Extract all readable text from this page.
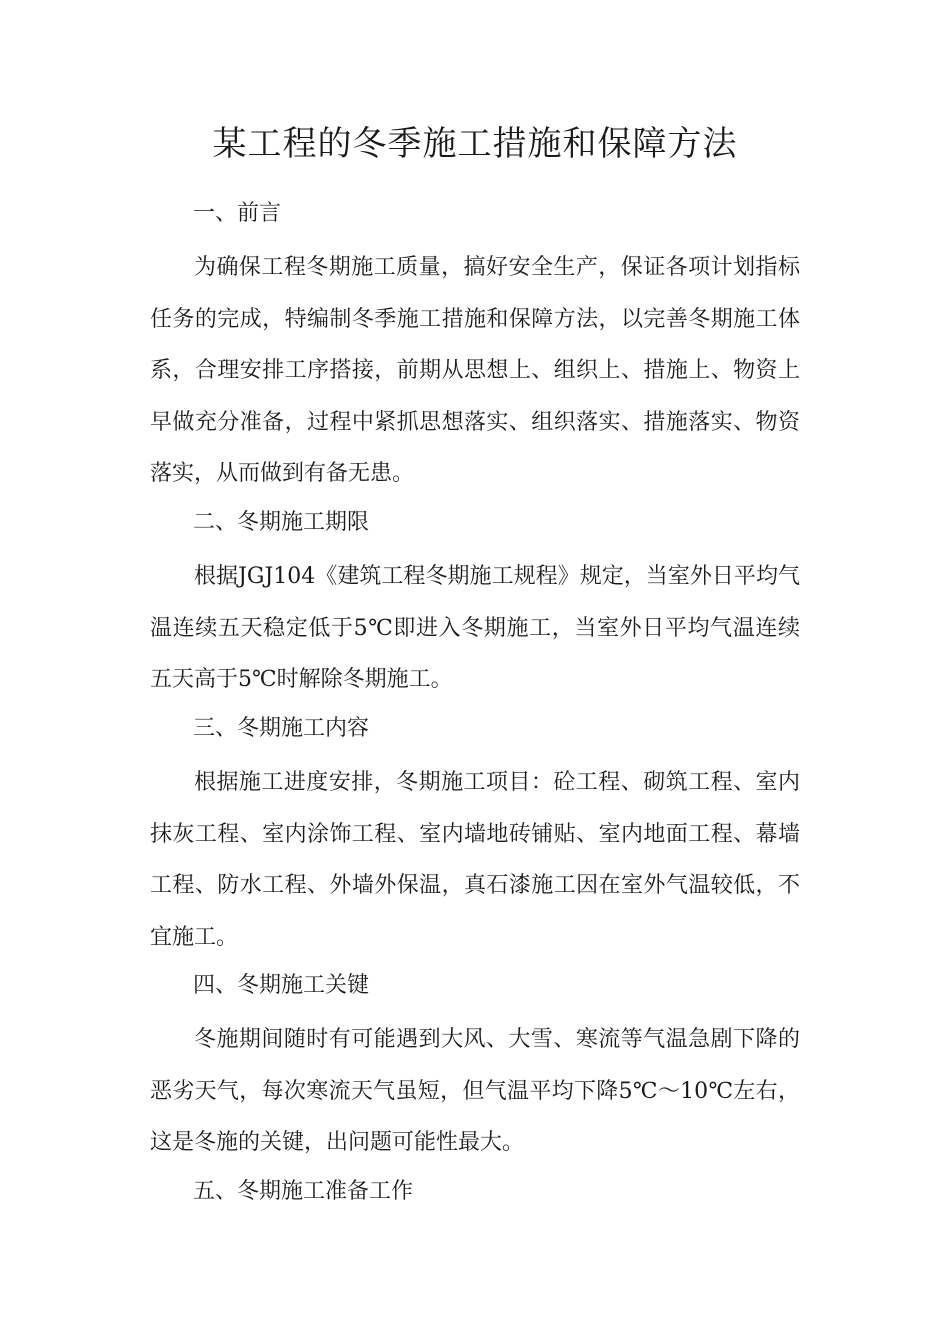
某工程的冬季施工措施和保障方法
一、前言

为确保工程冬期施工质量，搞好安全生产，保证各项计划指标任务的完成，特编制冬季施工措施和保障方法，以完善冬期施工体系，合理安排工序搭接，前期从思想上、组织上、措施上、物资上早做充分准备，过程中紧抓思想落实、组织落实、措施落实、物资落实，从而做到有备无患。

二、冬期施工期限

根据JGJ104《建筑工程冬期施工规程》规定，当室外日平均气温连续五天稳定低于5℃即进入冬期施工，当室外日平均气温连续五天高于5℃时解除冬期施工。

三、冬期施工内容

根据施工进度安排，冬期施工项目：砼工程、砌筑工程、室内抹灰工程、室内涂饰工程、室内墙地砖铺贴、室内地面工程、幕墙工程、防水工程、外墙外保温，真石漆施工因在室外气温较低，不宜施工。

四、冬期施工关键

冬施期间随时有可能遇到大风、大雪、寒流等气温急剧下降的恶劣天气，每次寒流天气虽短，但气温平均下降5℃～10℃左右，这是冬施的关键，出问题可能性最大。

五、冬期施工准备工作
